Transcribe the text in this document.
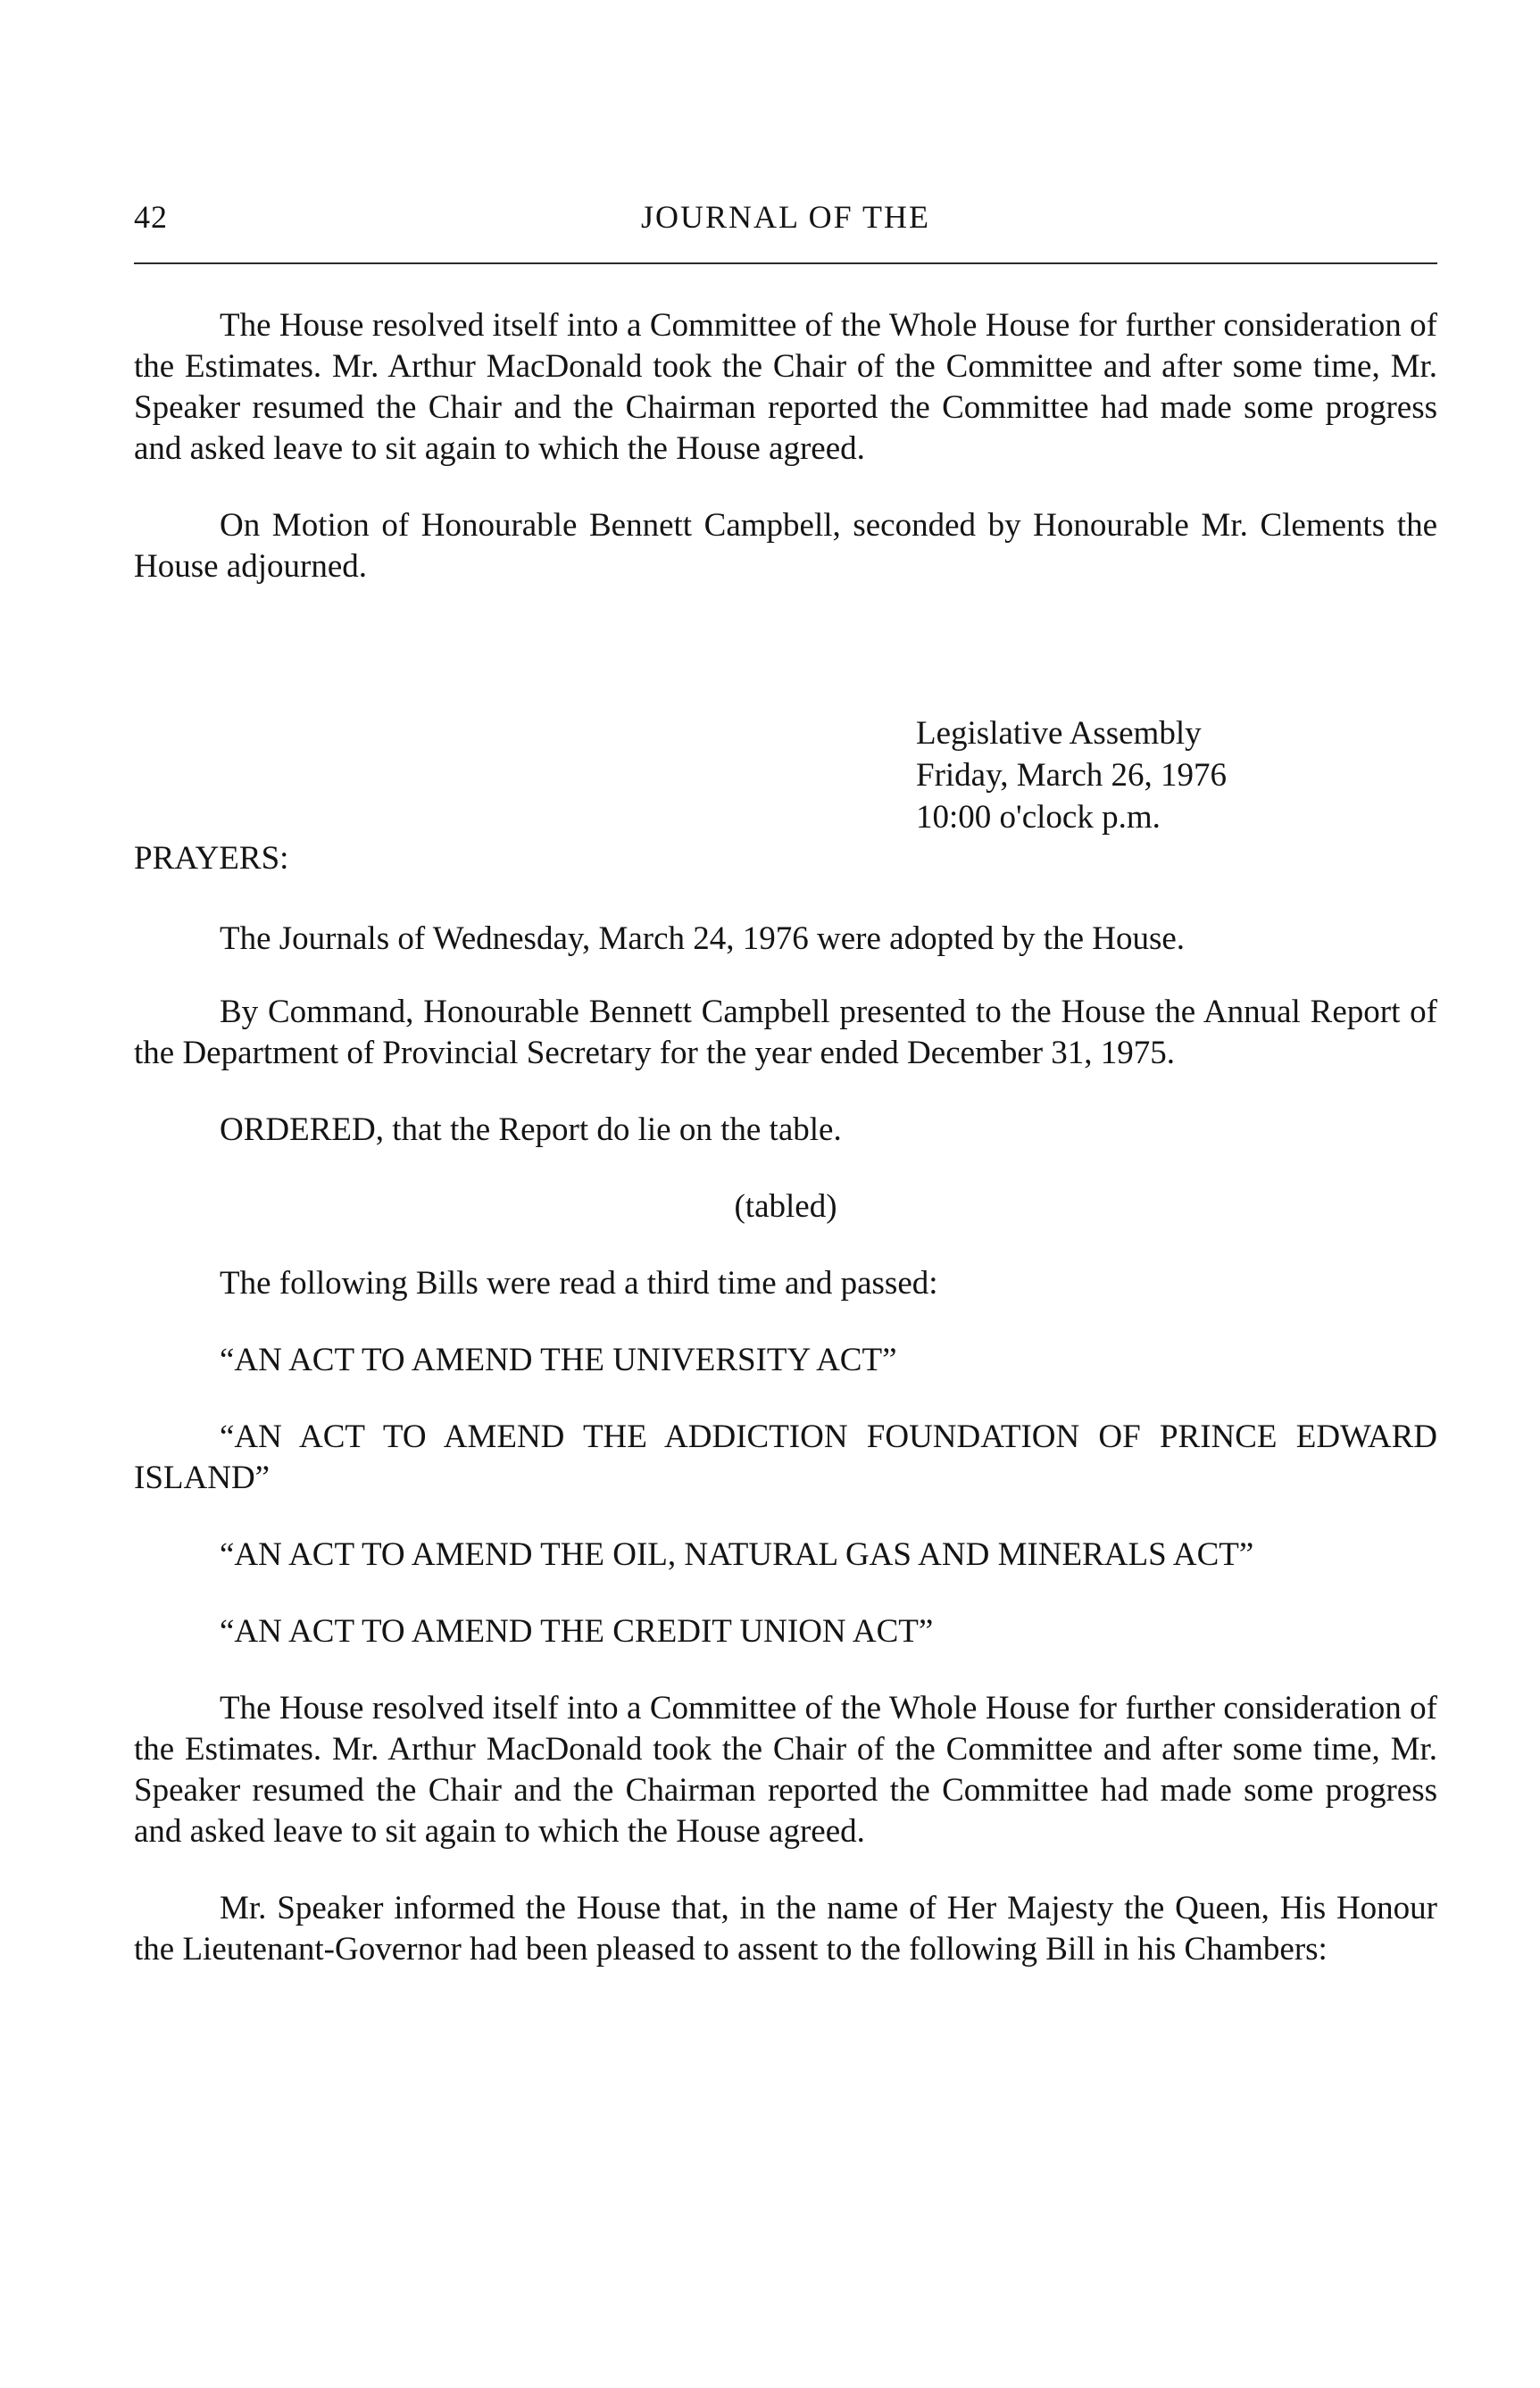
42	JOURNAL OF THE

The House resolved itself into a Committee of the Whole House for further consideration of the Estimates. Mr. Arthur MacDonald took the Chair of the Committee and after some time, Mr. Speaker resumed the Chair and the Chairman reported the Committee had made some progress and asked leave to sit again to which the House agreed.

On Motion of Honourable Bennett Campbell, seconded by Honourable Mr. Clements the House adjourned.

Legislative Assembly
Friday, March 26, 1976
10:00 o'clock p.m.

PRAYERS:

The Journals of Wednesday, March 24, 1976 were adopted by the House.

By Command, Honourable Bennett Campbell presented to the House the Annual Report of the Department of Provincial Secretary for the year ended December 31, 1975.

ORDERED, that the Report do lie on the table.

(tabled)

The following Bills were read a third time and passed:

“AN ACT TO AMEND THE UNIVERSITY ACT”

“AN ACT TO AMEND THE ADDICTION FOUNDATION OF PRINCE EDWARD ISLAND”

“AN ACT TO AMEND THE OIL, NATURAL GAS AND MINERALS ACT”

“AN ACT TO AMEND THE CREDIT UNION ACT”

The House resolved itself into a Committee of the Whole House for further consideration of the Estimates. Mr. Arthur MacDonald took the Chair of the Committee and after some time, Mr. Speaker resumed the Chair and the Chairman reported the Committee had made some progress and asked leave to sit again to which the House agreed.

Mr. Speaker informed the House that, in the name of Her Majesty the Queen, His Honour the Lieutenant-Governor had been pleased to assent to the following Bill in his Chambers:
